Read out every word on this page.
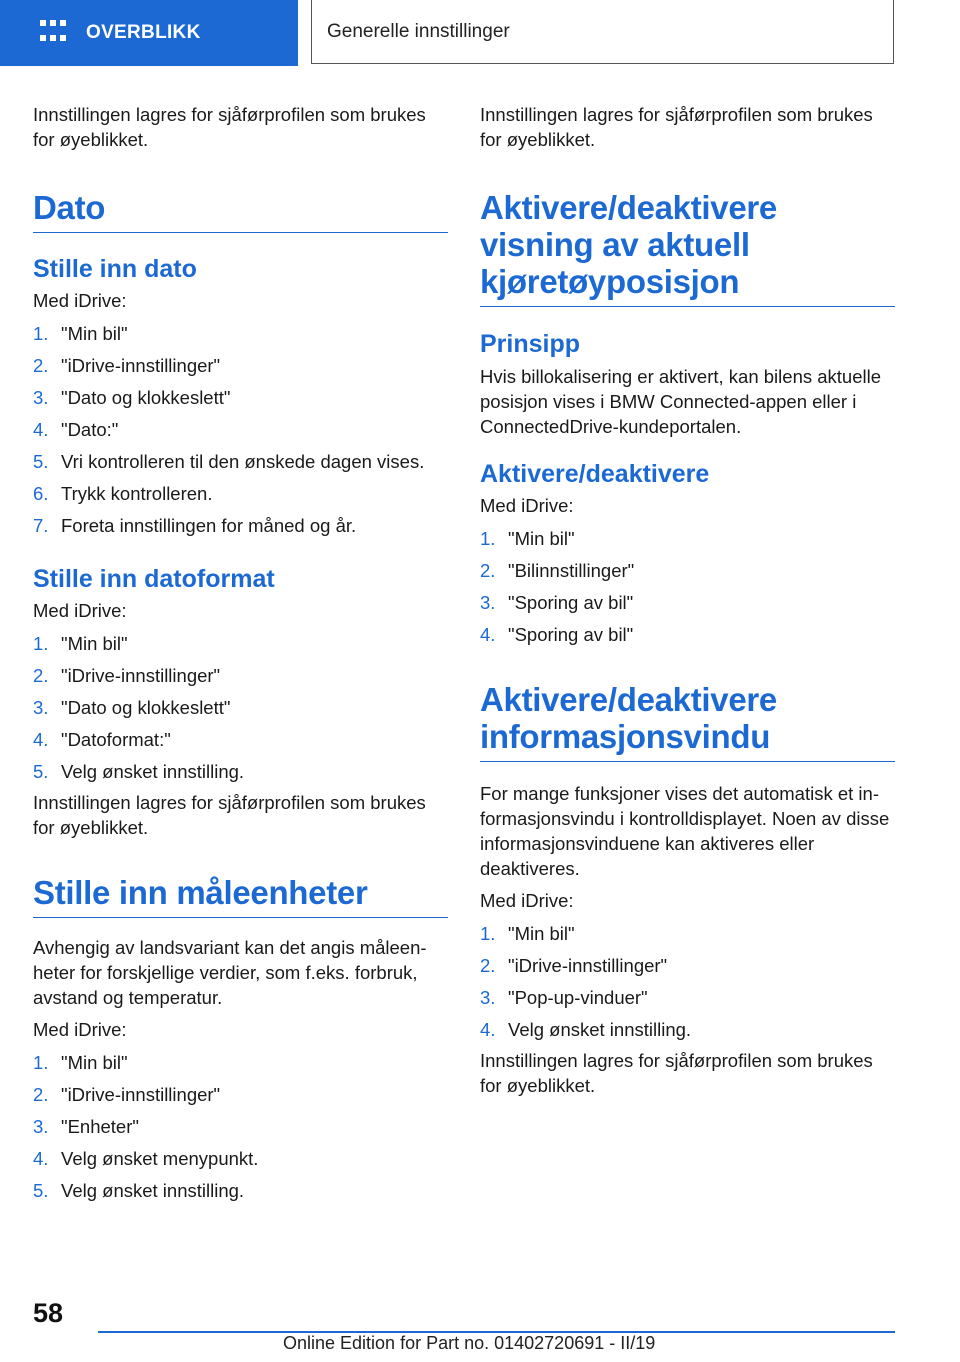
OVERBLIKK	Generelle innstillinger

Innstillingen lagres for sjåførprofilen som brukes for øyeblikket.

Dato
Stille inn dato

Med iDrive:

1. "Min bil"
2. "iDrive-innstillinger"
3. "Dato og klokkeslett"
4. "Dato:"
5. Vri kontrolleren til den ønskede dagen vises.
6. Trykk kontrolleren.
7. Foreta innstillingen for måned og år.
Stille inn datoformat

Med iDrive:

1. "Min bil"
2. "iDrive-innstillinger"
3. "Dato og klokkeslett"
4. "Datoformat:"
5. Velg ønsket innstilling.

Innstillingen lagres for sjåførprofilen som brukes for øyeblikket.

Stille inn måleenheter

Avhengig av landsvariant kan det angis måleenheter for forskjellige verdier, som f.eks. forbruk, avstand og temperatur.

Med iDrive:

1. "Min bil"
2. "iDrive-innstillinger"
3. "Enheter"
4. Velg ønsket menypunkt.
5. Velg ønsket innstilling.

Innstillingen lagres for sjåførprofilen som brukes for øyeblikket.

Aktivere/deaktivere visning av aktuell kjøretøyposisjon
Prinsipp

Hvis billokalisering er aktivert, kan bilens aktuelle posisjon vises i BMW Connected-appen eller i ConnectedDrive-kundeportalen.

Aktivere/deaktivere

Med iDrive:

1. "Min bil"
2. "Bilinnstillinger"
3. "Sporing av bil"
4. "Sporing av bil"
Aktivere/deaktivere informasjonsvindu

For mange funksjoner vises det automatisk et informasjonsvindu i kontrolldisplayet. Noen av disse informasjonsvinduene kan aktiveres eller deaktiveres.

Med iDrive:

1. "Min bil"
2. "iDrive-innstillinger"
3. "Pop-up-vinduer"
4. Velg ønsket innstilling.

Innstillingen lagres for sjåførprofilen som brukes for øyeblikket.

58
Online Edition for Part no. 01402720691 - II/19
